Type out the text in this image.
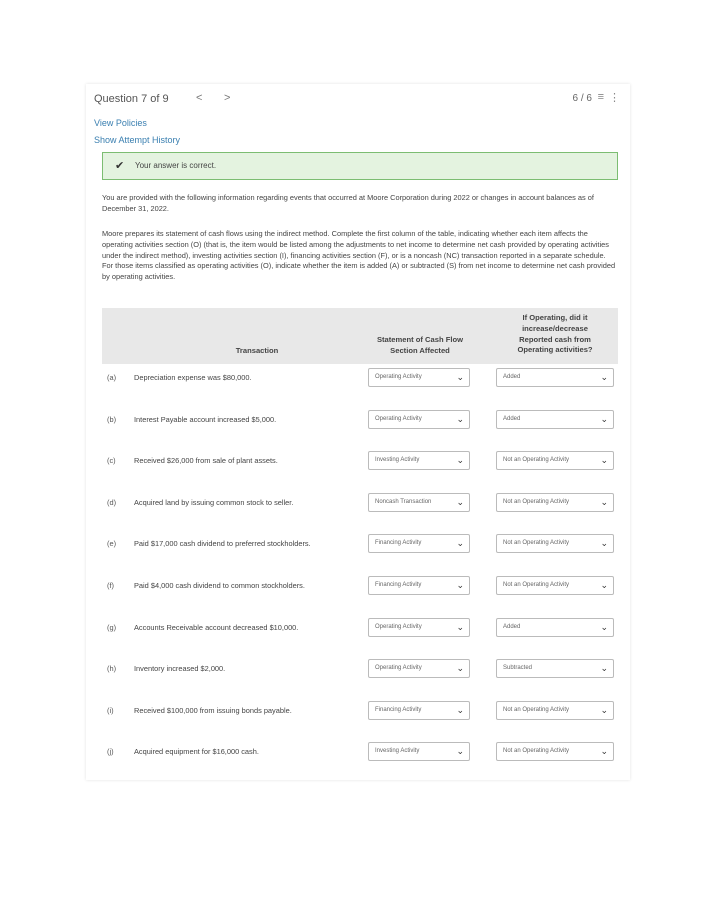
Question 7 of 9 < >	6 / 6 ≡ ⋮
View Policies
Show Attempt History
✔ Your answer is correct.

You are provided with the following information regarding events that occurred at Moore Corporation during 2022 or changes in account balances as of December 31, 2022.

Moore prepares its statement of cash flows using the indirect method. Complete the first column of the table, indicating whether each item affects the operating activities section (O) (that is, the item would be listed among the adjustments to net income to determine net cash provided by operating activities under the indirect method), investing activities section (I), financing activities section (F), or is a noncash (NC) transaction reported in a separate schedule. For those items classified as operating activities (O), indicate whether the item is added (A) or subtracted (S) from net income to determine net cash provided by operating activities.

Transaction
Statement of Cash Flow
Section Affected
If Operating, did it
increase/decrease
Reported cash from
Operating activities?
(a) Depreciation expense was $80,000.	Operating Activity	⌄	Added	⌄
(b) Interest Payable account increased $5,000.	Operating Activity	⌄	Added	⌄
(c) Received $26,000 from sale of plant assets.	Investing Activity	⌄	Not an Operating Activity	⌄
(d) Acquired land by issuing common stock to seller.	Noncash Transaction	⌄	Not an Operating Activity	⌄
(e) Paid $17,000 cash dividend to preferred stockholders.	Financing Activity	⌄	Not an Operating Activity	⌄
(f)	Paid $4,000 cash dividend to common stockholders.	Financing Activity	⌄	Not an Operating Activity	⌄
(g) Accounts Receivable account decreased $10,000.	Operating Activity	⌄	Added	⌄
(h) Inventory increased $2,000.	Operating Activity	⌄	Subtracted	⌄
(i)	Received $100,000 from issuing bonds payable.	Financing Activity	⌄	Not an Operating Activity	⌄
(j)	Acquired equipment for $16,000 cash.	Investing Activity	⌄	Not an Operating Activity	⌄
